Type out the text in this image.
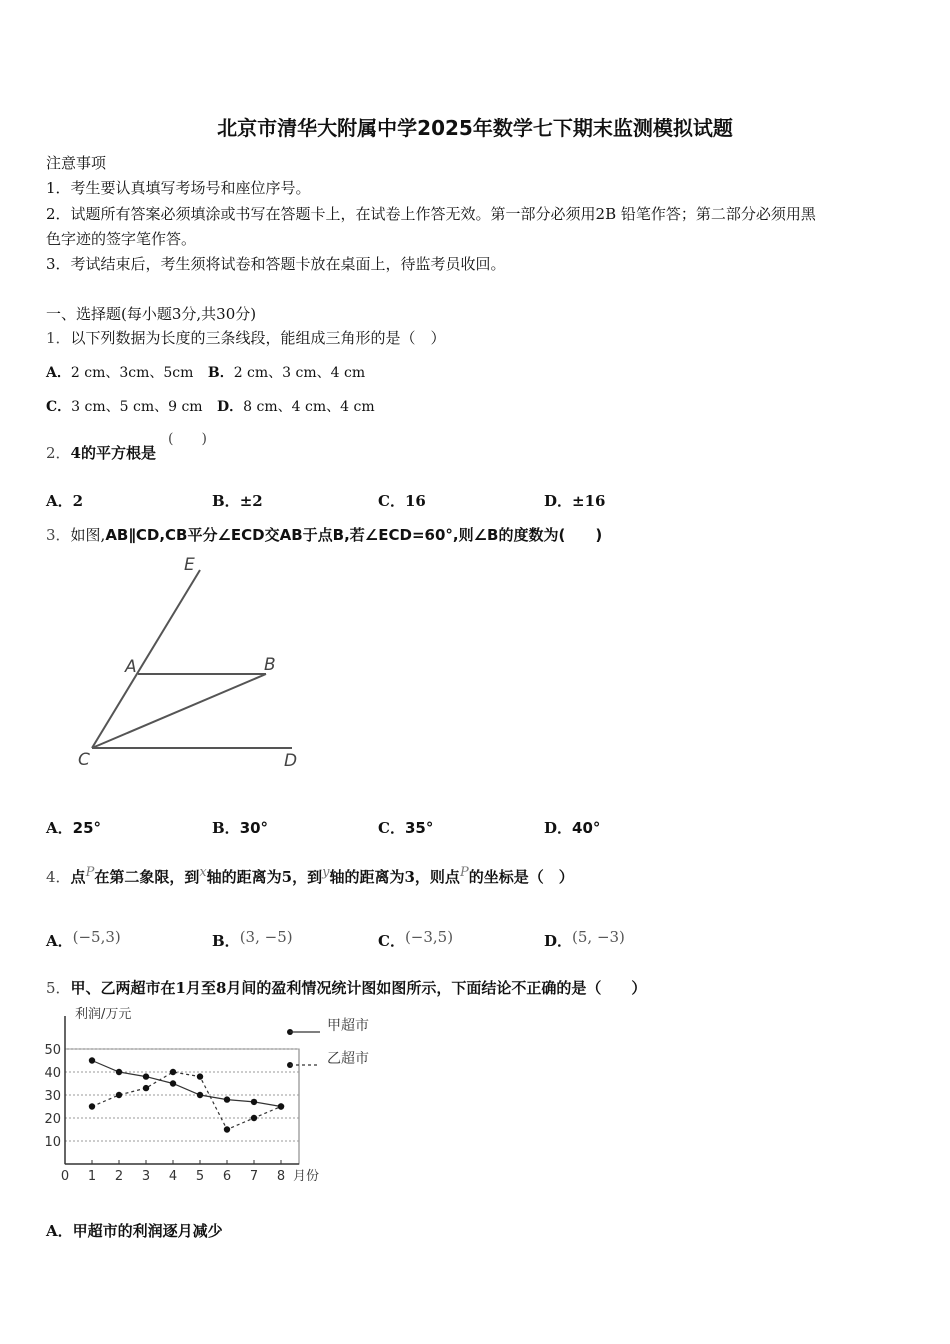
北京市清华大附属中学2025年数学七下期末监测模拟试题
注意事项
1．考生要认真填写考场号和座位序号。
2．试题所有答案必须填涂或书写在答题卡上，在试卷上作答无效。第一部分必须用2B 铅笔作答；第二部分必须用黑
色字迹的签字笔作答。
3．考试结束后，考生须将试卷和答题卡放在桌面上，待监考员收回。
一、选择题(每小题3分,共30分)
1．以下列数据为长度的三条线段，能组成三角形的是（　）
A．2 cm、3cm、5cm B．2 cm、3 cm、4 cm
C．3 cm、5 cm、9 cm D．8 cm、4 cm、4 cm
2．4的平方根是
(　　)
A．2	B．±2	C．16	D．±16
3．如图,AB∥CD,CB平分∠ECD交AB于点B,若∠ECD=60°,则∠B的度数为(　　)
E
A	B
C	D
A．25°	B．30°	C．35°	D．40°
4．点$^P$在第二象限，到$^x$轴的距离为5，到$^y$轴的距离为3，则点$^P$的坐标是（　）
A．(−5,3)	B．(3, −5)	C．(−3,5)	D．(5, −3)
5．甲、乙两超市在1月至8月间的盈利情况统计图如图所示，下面结论不正确的是（　　）
10
20
30
40
50
利润/万元
月份
0 1 2 3 4 5 6 7 8
甲超市
乙超市
A．甲超市的利润逐月减少
